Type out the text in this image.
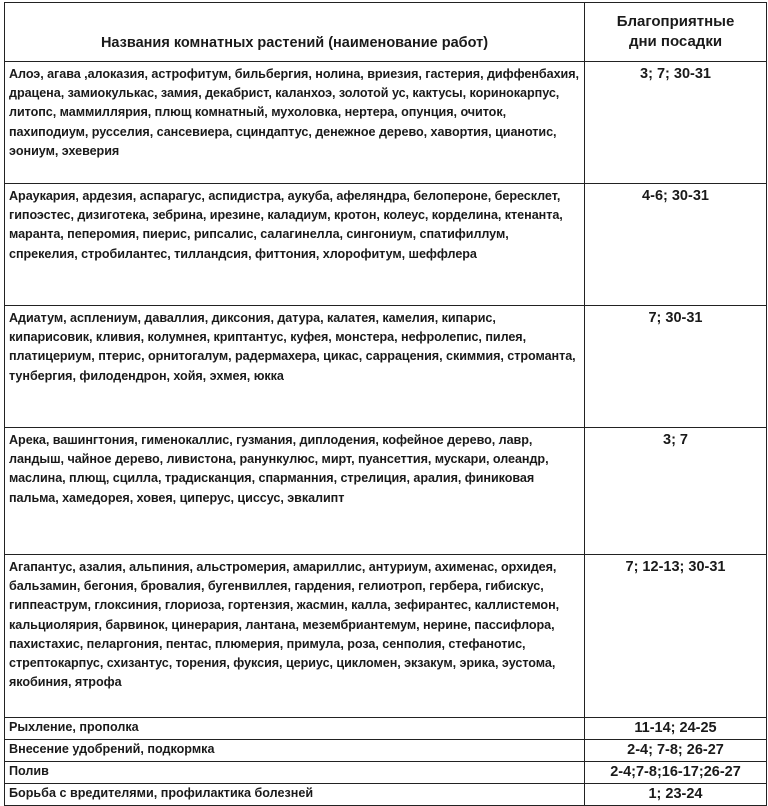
Названия комнатных растений (наименование работ)	Благоприятные
дни посадки

Алоэ, агава ,алоказия, астрофитум, бильбергия, нолина, вриезия, гастерия, диффенбахия, драцена, замиокулькас, замия, декабрист, каланхоэ, золотой ус, кактусы, коринокарпус, литопс, маммиллярия, плющ комнатный, мухоловка, нертера, опунция, очиток, пахиподиум, русселия, сансевиера, сциндаптус, денежное дерево, хавортия, цианотис, эониум, эхеверия	3; 7; 30-31
Араукария, ардезия, аспарагус, аспидистра, аукуба, афеляндра, белопероне, бересклет, гипоэстес, дизиготека, зебрина, ирезине, каладиум, кротон, колеус, корделина, ктенанта, маранта, пеперомия, пиерис, рипсалис, салагинелла, сингониум, спатифиллум, спрекелия, стробилантес, тилландсия, фиттония, хлорофитум, шеффлера	4-6; 30-31
Адиатум, асплениум, даваллия, диксония, датура, калатея, камелия, кипарис, кипарисовик, кливия, колумнея, криптантус, куфея, монстера, нефролепис, пилея, платицериум, птерис, орнитогалум, радермахера, цикас, саррацения, скиммия, строманта, тунбергия, филодендрон, хойя, эхмея, юкка	7; 30-31
Арека, вашингтония, гименокаллис, гузмания, диплодения, кофейное дерево, лавр, ландыш, чайное дерево, ливистона, ранункулюс, мирт, пуансеттия, мускари, олеандр, маслина, плющ, сцилла, традисканция, спарманния, стрелиция, аралия, финиковая пальма, хамедорея, ховея, циперус, циссус, эвкалипт	3; 7
Агапантус, азалия, альпиния, альстромерия, амариллис, антуриум, ахименас, орхидея, бальзамин, бегония, бровалия, бугенвиллея, гардения, гелиотроп, гербера, гибискус, гиппеаструм, глоксиния, глориоза, гортензия, жасмин, калла, зефирантес, каллистемон, кальциолярия, барвинок, цинерария, лантана, мезембриантемум, нерине, пассифлора, пахистахис, пеларгония, пентас, плюмерия, примула, роза, сенполия, стефанотис, стрептокарпус, схизантус, торения, фуксия, цериус, цикломен, экзакум, эрика, эустома, якобиния, ятрофа	7; 12-13; 30-31
Рыхление, прополка	11-14; 24-25
Внесение удобрений, подкормка	2-4; 7-8; 26-27
Полив	2-4;7-8;16-17;26-27
Борьба с вредителями, профилактика болезней	1; 23-24
